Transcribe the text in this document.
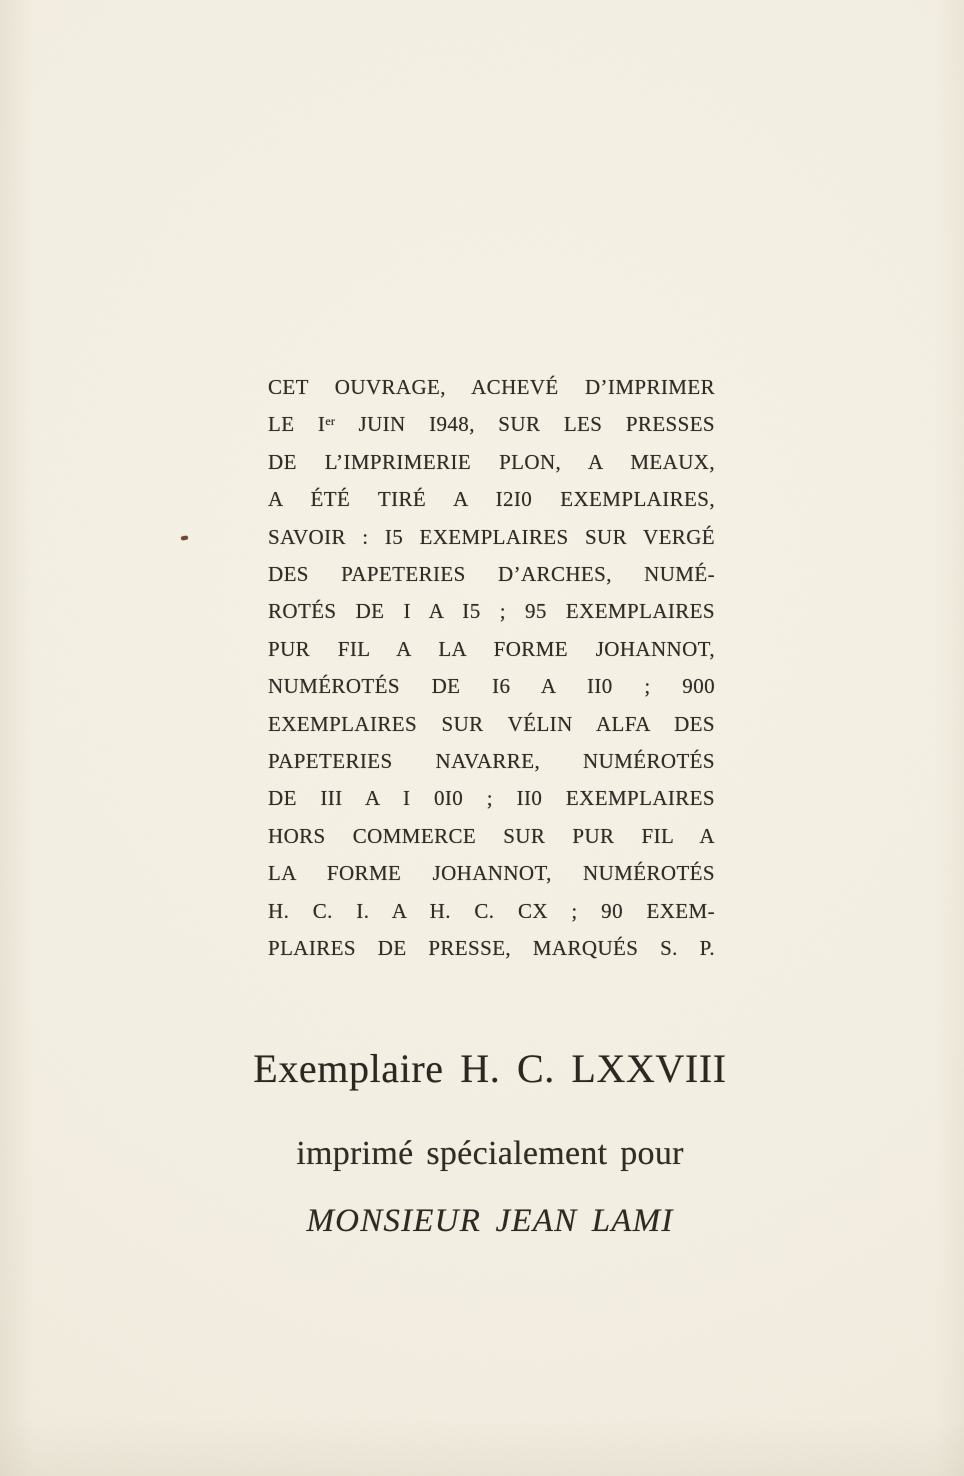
CET OUVRAGE, ACHEVÉ D’IMPRIMER
LE Ier JUIN I948, SUR LES PRESSES
DE L’IMPRIMERIE PLON, A MEAUX,
A ÉTÉ TIRÉ A I2I0 EXEMPLAIRES,
SAVOIR : I5 EXEMPLAIRES SUR VERGÉ
DES PAPETERIES D’ARCHES, NUMÉ-
ROTÉS DE I A I5 ; 95 EXEMPLAIRES
PUR FIL A LA FORME JOHANNOT,
NUMÉROTÉS DE I6 A II0 ; 900
EXEMPLAIRES SUR VÉLIN ALFA DES
PAPETERIES NAVARRE, NUMÉROTÉS
DE III A I 0I0 ; II0 EXEMPLAIRES
HORS COMMERCE SUR PUR FIL A
LA FORME JOHANNOT, NUMÉROTÉS
H. C. I. A H. C. CX ; 90 EXEM-
PLAIRES DE PRESSE, MARQUÉS S. P.
Exemplaire H. C. LXXVIII
imprimé spécialement pour
MONSIEUR JEAN LAMI
